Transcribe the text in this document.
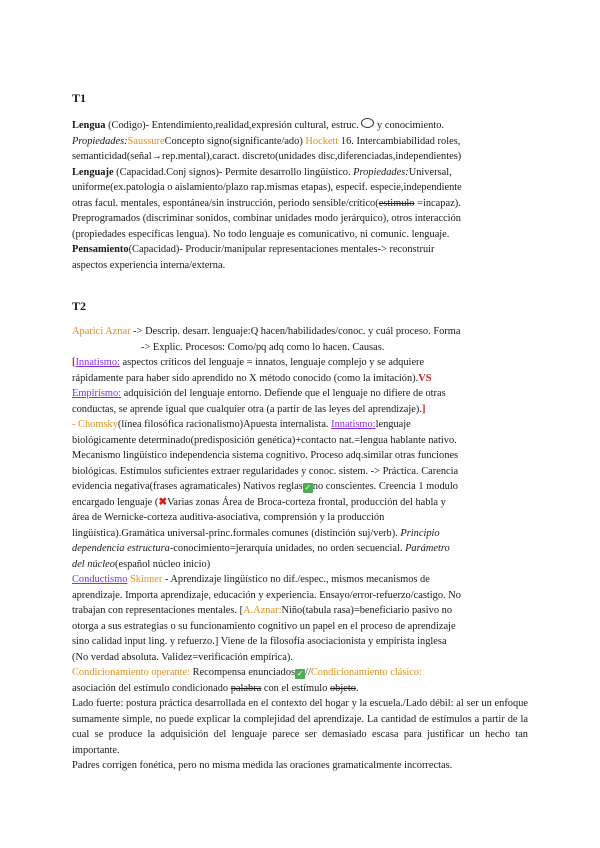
T1

Lengua (Codigo)- Entendimiento,realidad,expresión cultural, estruc.  y conocimiento.

Propiedades:SaussureConcepto signo(significante/ado) Hockett 16. Intercambiabilidad roles,

semanticidad(señal→rep.mental),caract. discreto(unidades disc,diferenciadas,independientes)

Lenguaje (Capacidad.Conj signos)- Permite desarrollo lingüístico. Propiedades:Universal,

uniforme(ex.patologia o aislamiento/plazo rap.mismas etapas), especif. especie,independiente

otras facul. mentales, espontánea/sin instrucción, periodo sensible/crítico(estimulo =incapaz).

Preprogramados (discriminar sonidos, combinar unidades modo jerárquico), otros interacción

(propiedades específicas lengua). No todo lenguaje es comunicativo, ni comunic. lenguaje.

Pensamiento(Capacidad)- Producir/manipular representaciones mentales-> reconstruir

aspectos experiencia interna/externa.

T2

Aparici Aznar -> Descrip. desarr. lenguaje:Q hacen/habilidades/conoc. y cuál proceso. Forma

-> Explic. Procesos: Como/pq adq como lo hacen. Causas.

[Innatismo: aspectos críticos del lenguaje = innatos, lenguaje complejo y se adquiere

rápidamente para haber sido aprendido no X método conocido (como la imitación).VS

Empirismo: adquisición del lenguaje entorno. Defiende que el lenguaje no difiere de otras

conductas, se aprende igual que cualquier otra (a partir de las leyes del aprendizaje).]

- Chomsky(línea filosófica racionalismo)Apuesta internalista. Innatismo:lenguaje

biológicamente determinado(predisposición genética)+contacto nat.=lengua hablante nativo.

Mecanismo lingüístico independencia sistema cognitivo. Proceso adq.similar otras funciones

biológicas. Estímulos suficientes extraer regularidades y conoc. sistem. -> Práctica. Carencia

evidencia negativa(frases agramaticales) Nativos reglas ✓ no conscientes. Creencia 1 modulo

encargado lenguaje (✖Varias zonas Área de Broca-corteza frontal, producción del habla y

área de Wernicke-corteza auditiva-asociativa, comprensión y la producción

lingüística).Gramática universal-princ.formales comunes (distinción suj/verb). Principio

dependencia estructura-conocimiento=jerarquía unidades, no orden secuencial. Parámetro

del núcleo(español núcleo inicio)

Conductismo Skinner - Aprendizaje lingüístico no dif./espec., mismos mecanismos de

aprendizaje. Importa aprendizaje, educación y experiencia. Ensayo/error-refuerzo/castigo. No

trabajan con representaciones mentales. [A.Aznar:Niño(tabula rasa)=beneficiario pasivo no

otorga a sus estrategias o su funcionamiento cognitivo un papel en el proceso de aprendizaje

sino calidad input ling. y refuerzo.] Viene de la filosofía asociacionista y empirista inglesa

(No verdad absoluta. Validez=verificación empírica).

Condicionamiento operante: Recompensa enunciados ✓ //Condicionamiento clásico:

asociación del estímulo condicionado palabra con el estímulo objeto.

Lado fuerte: postura práctica desarrollada en el contexto del hogar y la escuela./Lado débil: al ser un enfoque sumamente simple, no puede explicar la complejidad del aprendizaje. La cantidad de estímulos a partir de la cual se produce la adquisición del lenguaje parece ser demasiado escasa para justificar un hecho tan importante.

Padres corrigen fonética, pero no misma medida las oraciones gramaticalmente incorrectas.
